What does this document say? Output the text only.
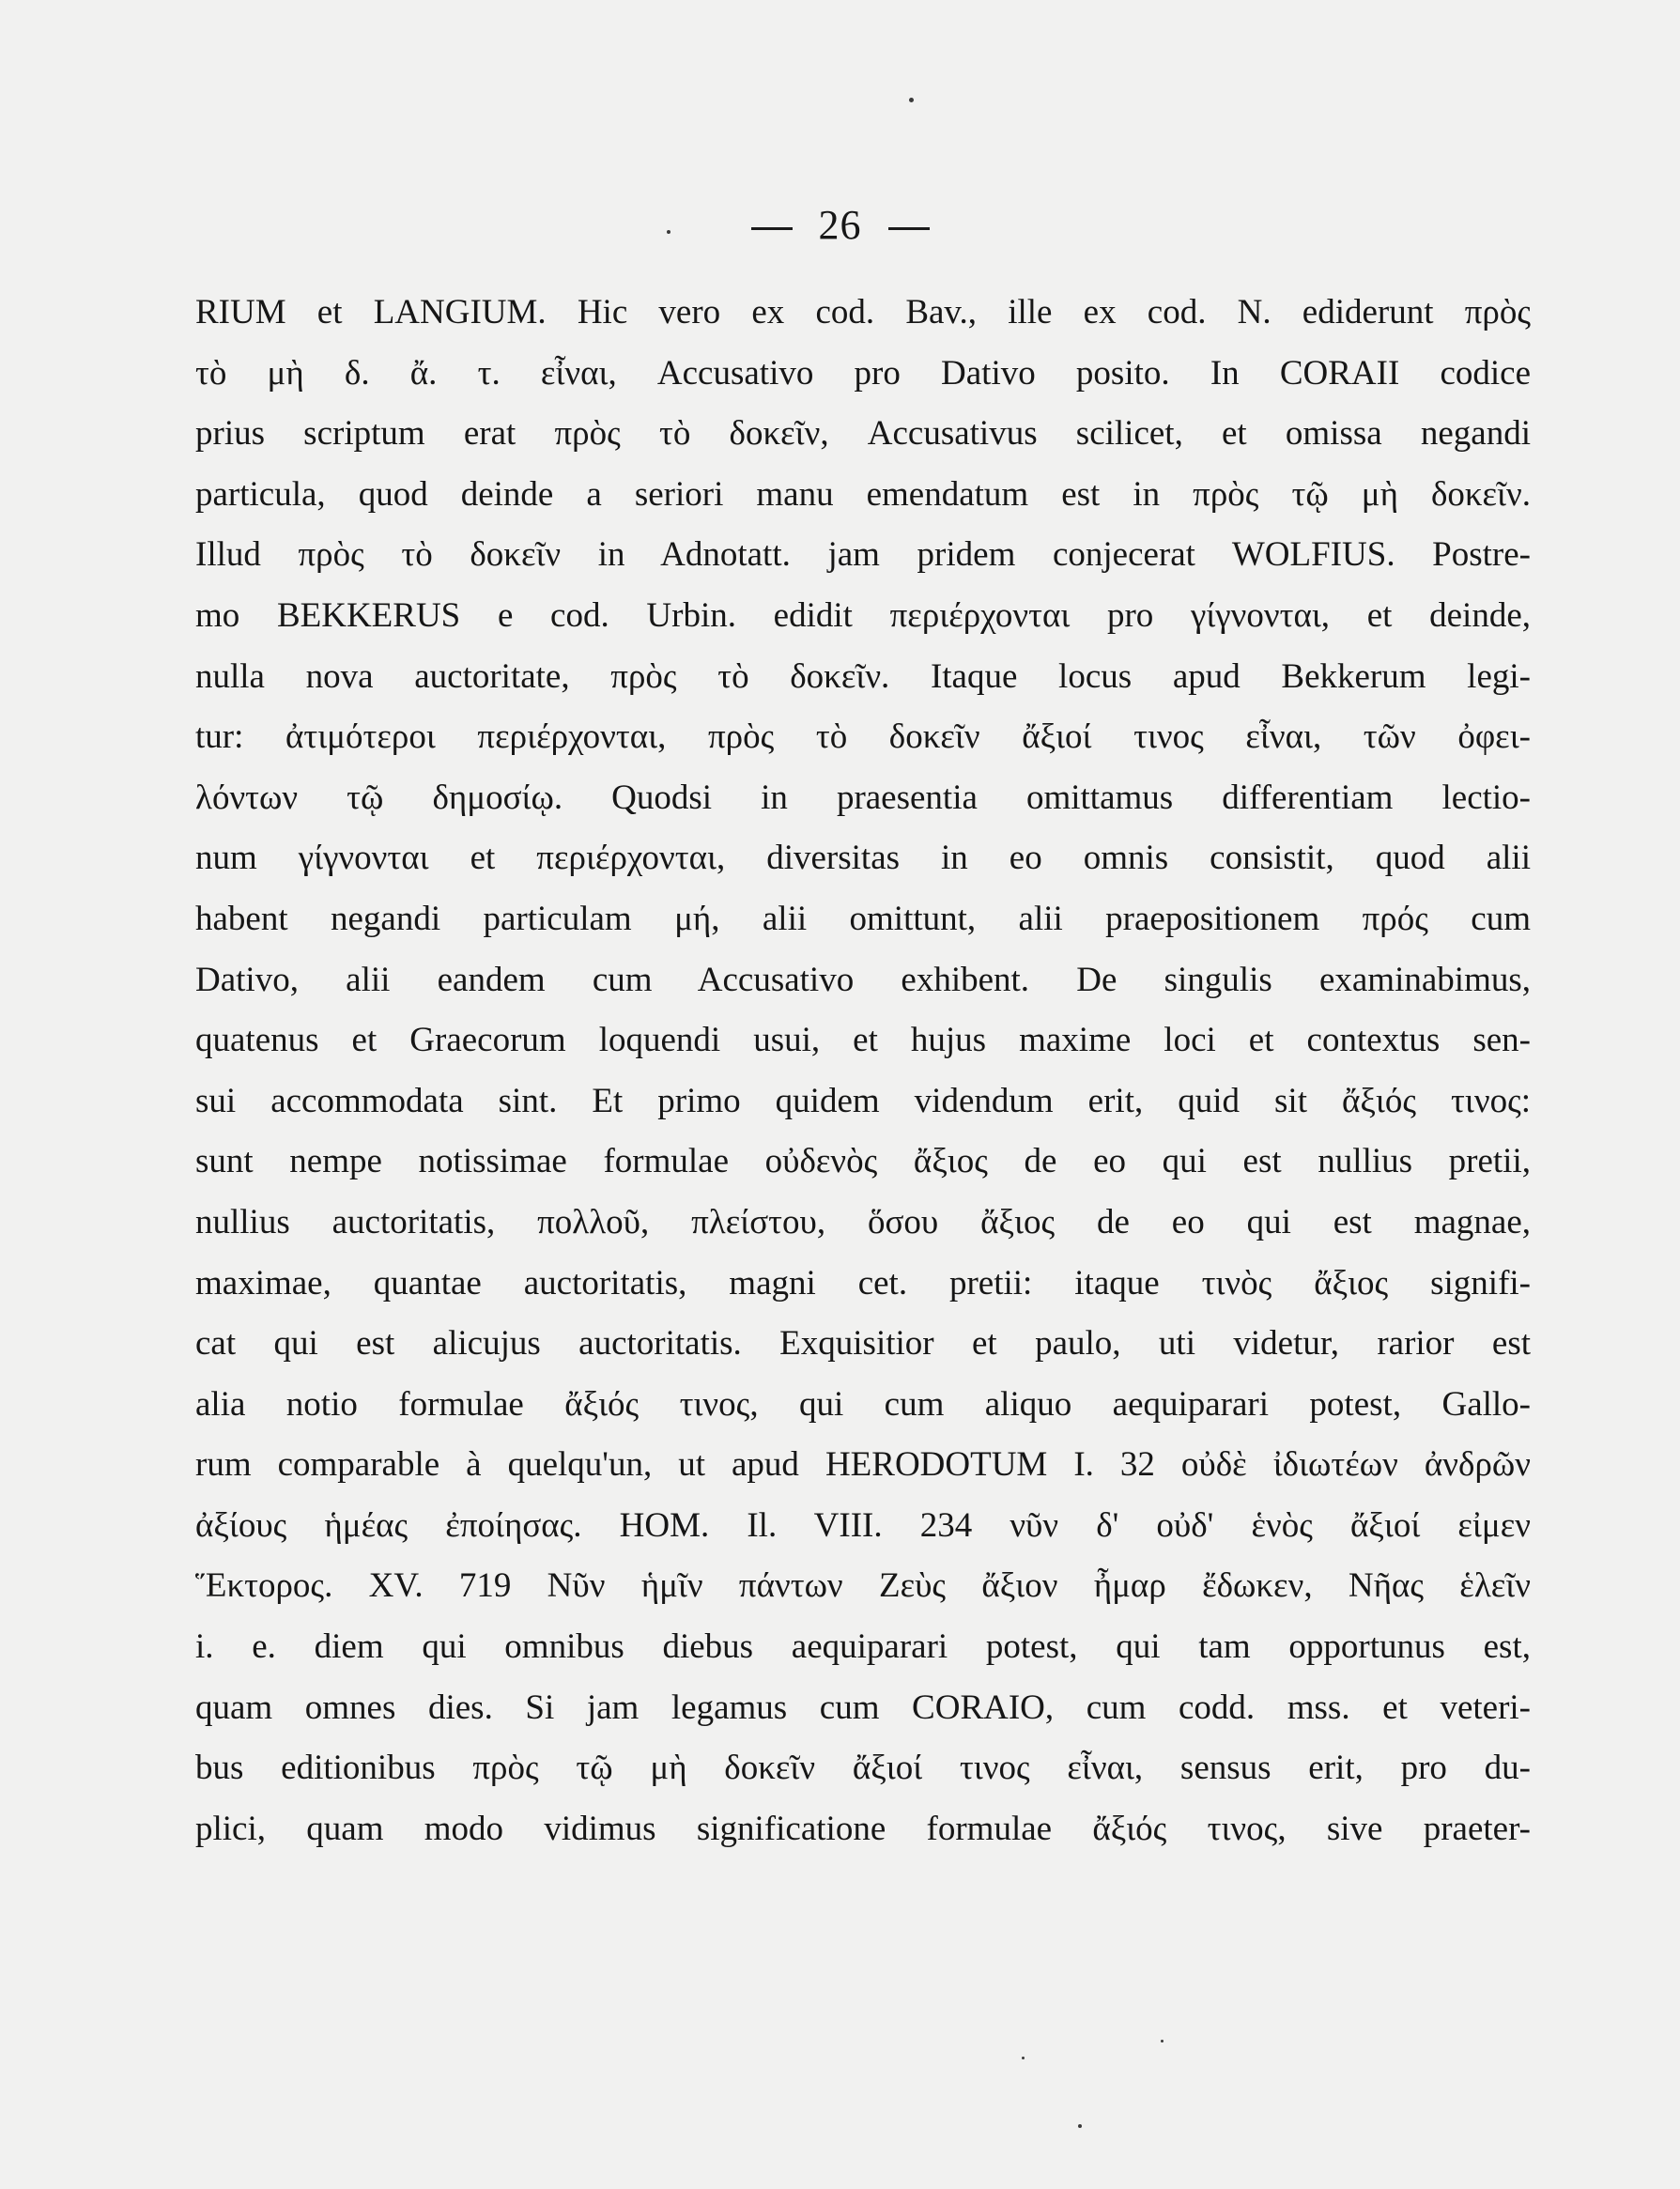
26
RIUM et LANGIUM. Hic vero ex cod. Bav., ille ex cod. N. ediderunt πρὸς
τὸ μὴ δ. ἄ. τ. εἶναι, Accusativo pro Dativo posito. In CORAII codice
prius scriptum erat πρὸς τὸ δοκεῖν, Accusativus scilicet, et omissa negandi
particula, quod deinde a seriori manu emendatum est in πρὸς τῷ μὴ δοκεῖν.
Illud πρὸς τὸ δοκεῖν in Adnotatt. jam pridem conjecerat WOLFIUS. Postre-
mo BEKKERUS e cod. Urbin. edidit περιέρχονται pro γίγνονται, et deinde,
nulla nova auctoritate, πρὸς τὸ δοκεῖν. Itaque locus apud Bekkerum legi-
tur: ἀτιμότεροι περιέρχονται, πρὸς τὸ δοκεῖν ἄξιοί τινος εἶναι, τῶν ὀφει-
λόντων τῷ δημοσίῳ. Quodsi in praesentia omittamus differentiam lectio-
num γίγνονται et περιέρχονται, diversitas in eo omnis consistit, quod alii
habent negandi particulam μή, alii omittunt, alii praepositionem πρός cum
Dativo, alii eandem cum Accusativo exhibent. De singulis examinabimus,
quatenus et Graecorum loquendi usui, et hujus maxime loci et contextus sen-
sui accommodata sint. Et primo quidem videndum erit, quid sit ἄξιός τινος:
sunt nempe notissimae formulae οὐδενὸς ἄξιος de eo qui est nullius pretii,
nullius auctoritatis, πολλοῦ, πλείστου, ὅσου ἄξιος de eo qui est magnae,
maximae, quantae auctoritatis, magni cet. pretii: itaque τινὸς ἄξιος signifi-
cat qui est alicujus auctoritatis. Exquisitior et paulo, uti videtur, rarior est
alia notio formulae ἄξιός τινος, qui cum aliquo aequiparari potest, Gallo-
rum comparable à quelqu'un, ut apud HERODOTUM I. 32 οὐδὲ ἰδιωτέων ἀνδρῶν
ἀξίους ἡμέας ἐποίησας. HOM. Il. VIII. 234 νῦν δ' οὐδ' ἑνὸς ἄξιοί εἰμεν
Ἕκτορος. XV. 719 Νῦν ἡμῖν πάντων Ζεὺς ἄξιον ἦμαρ ἔδωκεν, Νῆας ἑλεῖν
i. e. diem qui omnibus diebus aequiparari potest, qui tam opportunus est,
quam omnes dies. Si jam legamus cum CORAIO, cum codd. mss. et veteri-
bus editionibus πρὸς τῷ μὴ δοκεῖν ἄξιοί τινος εἶναι, sensus erit, pro du-
plici, quam modo vidimus significatione formulae ἄξιός τινος, sive praeter-
